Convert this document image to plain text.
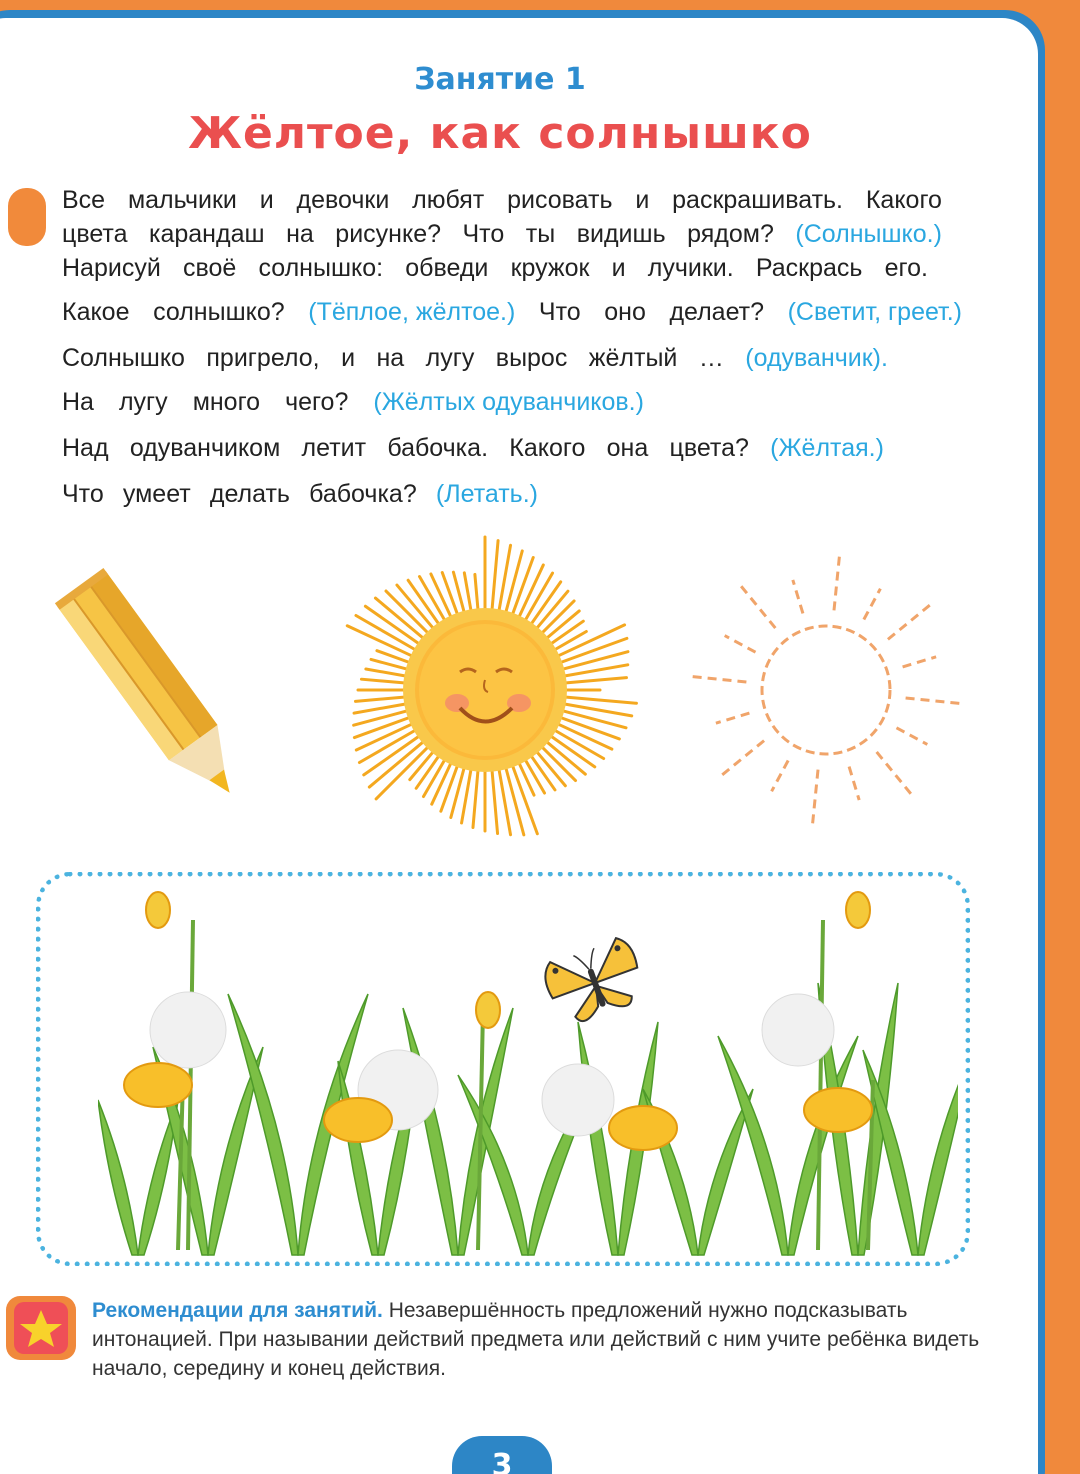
Занятие 1
Жёлтое, как солнышко
Все мальчики и девочки любят рисовать и раскрашивать. Какого
цвета карандаш на рисунке? Что ты видишь рядом? (Солнышко.)
Нарисуй своё солнышко: обведи кружок и лучики. Раскрась его.
Какое солнышко? (Тёплое, жёлтое.) Что оно делает? (Светит, греет.)
Солнышко пригрело, и на лугу вырос жёлтый … (одуванчик).
На лугу много чего? (Жёлтых одуванчиков.)
Над одуванчиком летит бабочка. Какого она цвета? (Жёлтая.)
Что умеет делать бабочка? (Летать.)
Рекомендации для занятий. Незавершённость предложений нужно подсказывать интонацией. При назывании действий предмета или действий с ним учите ребёнка видеть начало, середину и конец действия.
3
